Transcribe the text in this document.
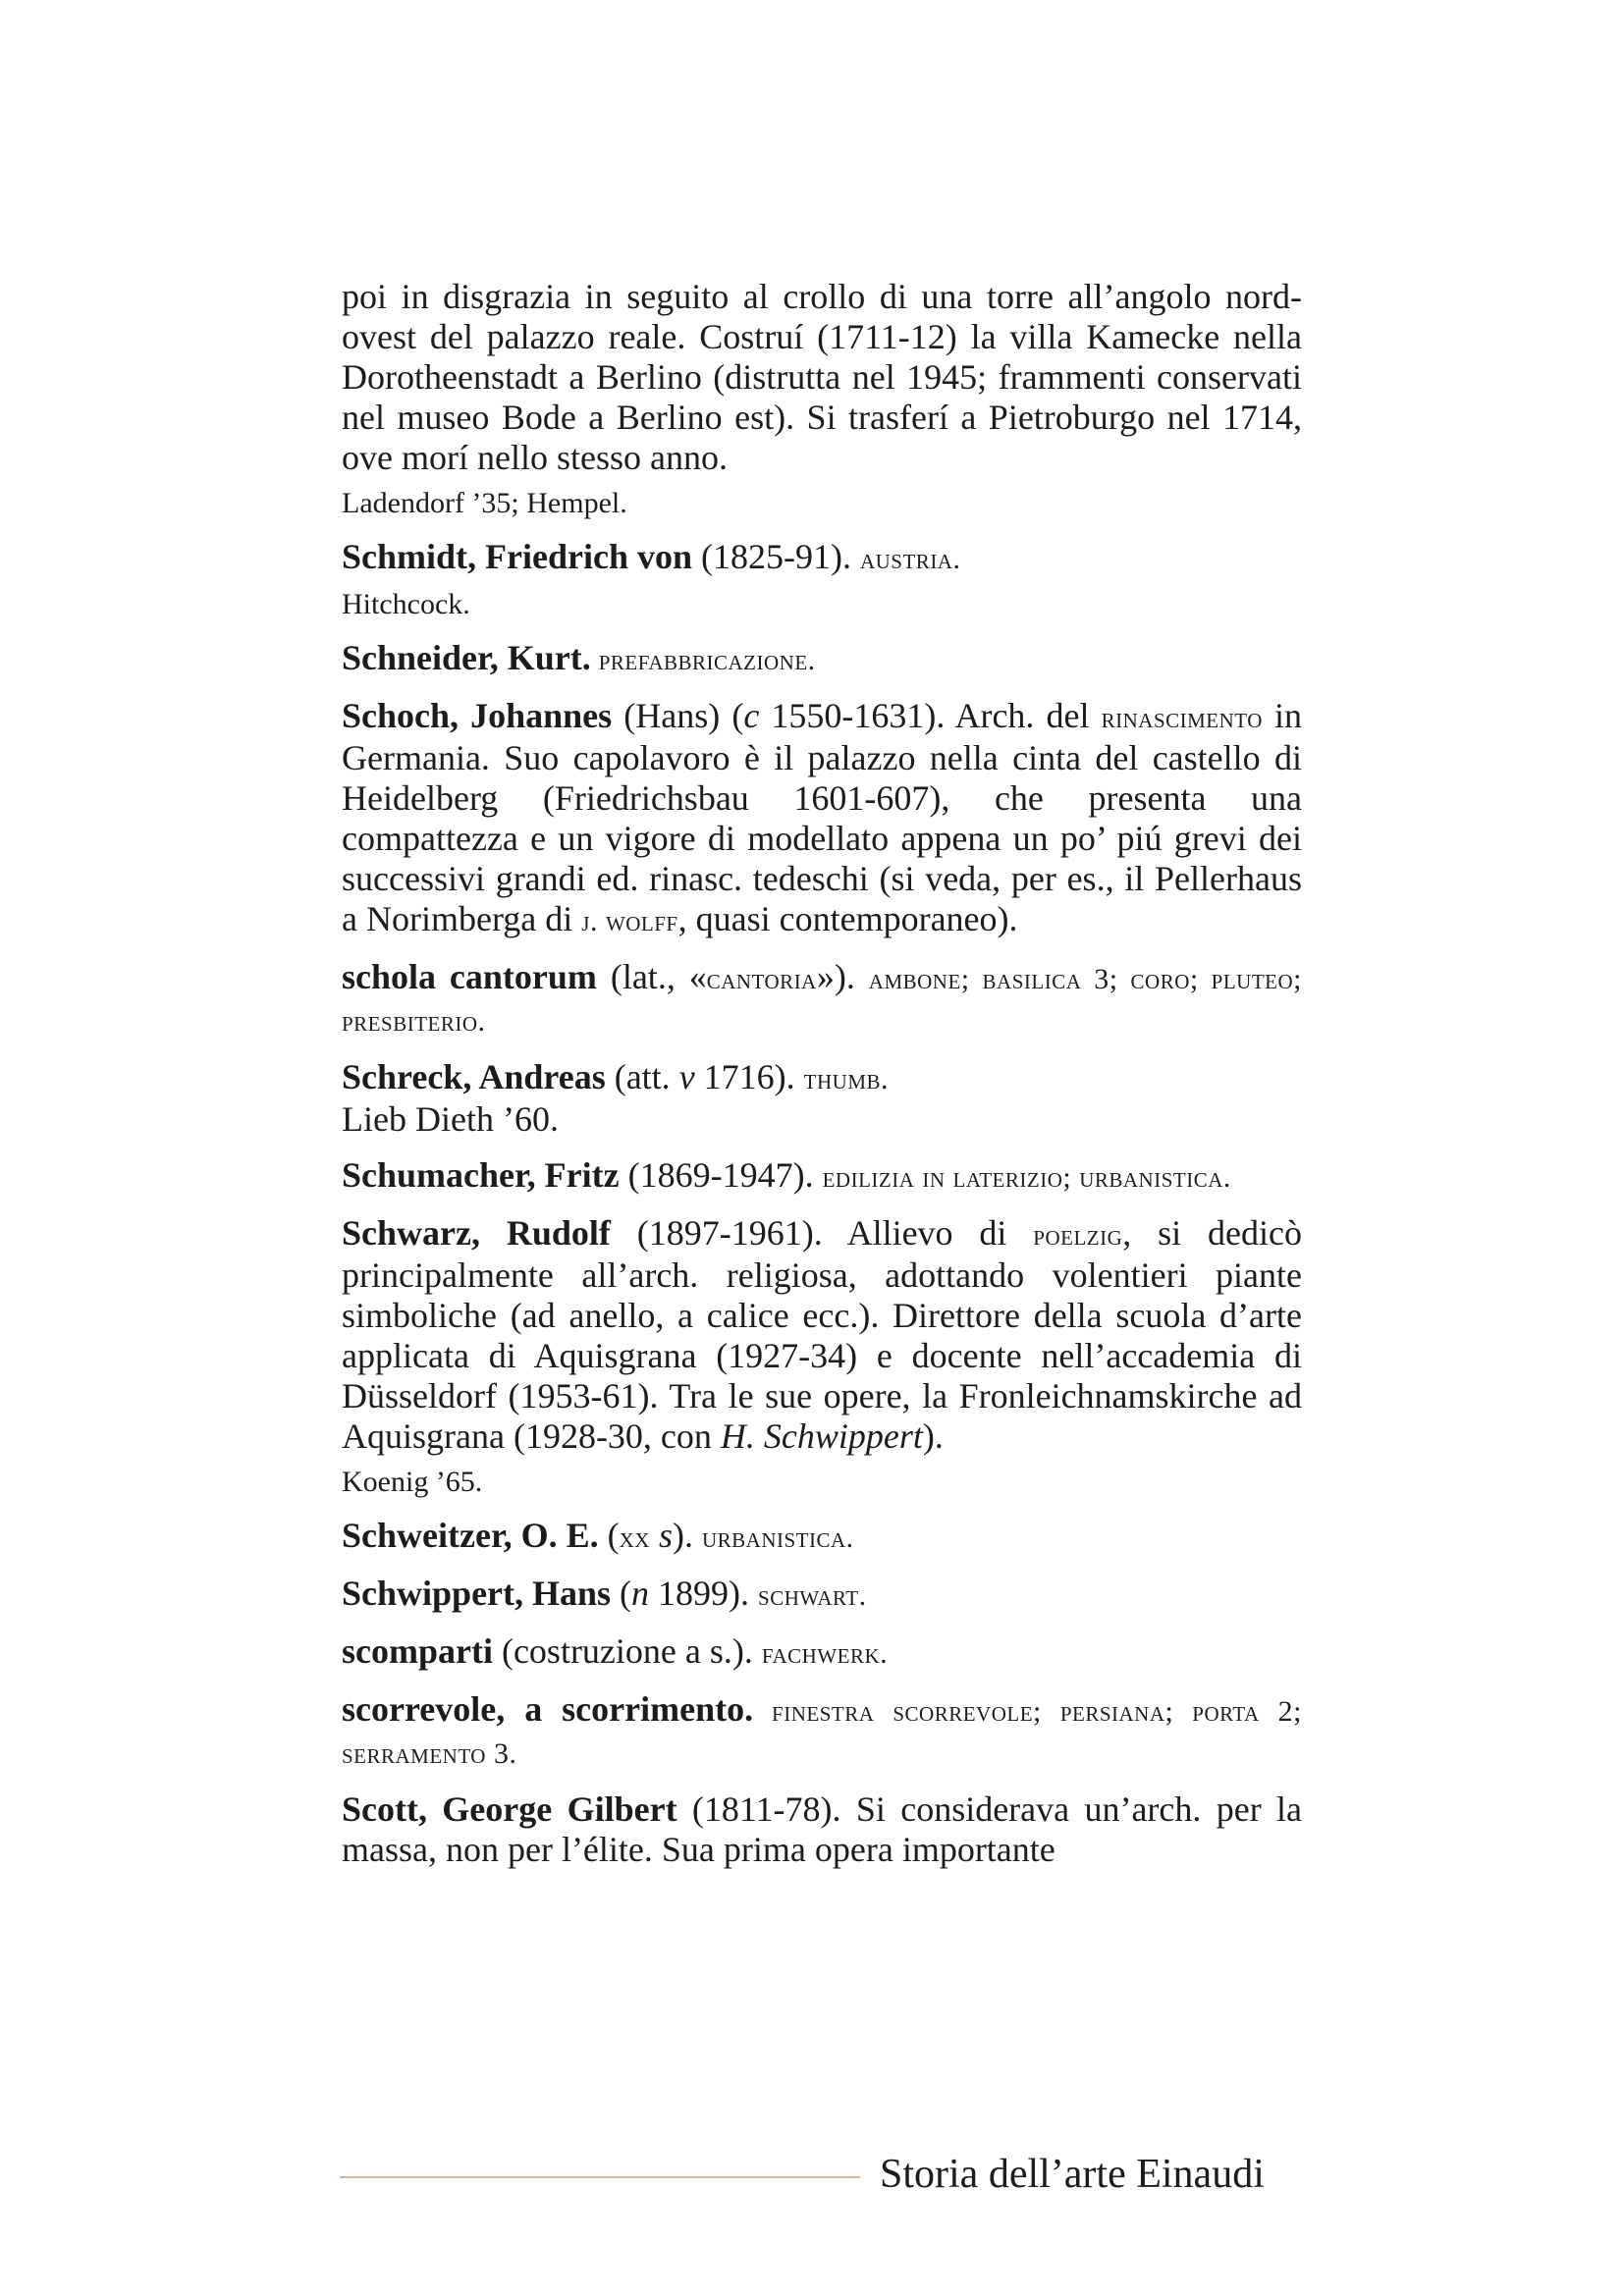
poi in disgrazia in seguito al crollo di una torre all’angolo nord-ovest del palazzo reale. Costruí (1711-12) la villa Kamecke nella Dorotheenstadt a Berlino (distrutta nel 1945; frammenti conservati nel museo Bode a Berlino est). Si trasferí a Pietroburgo nel 1714, ove morí nello stesso anno.

Ladendorf ’35; Hempel.

Schmidt, Friedrich von (1825-91). austria.

Hitchcock.

Schneider, Kurt. prefabbricazione.

Schoch, Johannes (Hans) (c 1550-1631). Arch. del rinascimento in Germania. Suo capolavoro è il palazzo nella cinta del castello di Heidelberg (Friedrichsbau 1601-607), che presenta una compattezza e un vigore di modellato appena un po’ piú grevi dei successivi grandi ed. rinasc. tedeschi (si veda, per es., il Pellerhaus a Norimberga di j. wolff, quasi contemporaneo).

schola cantorum (lat., «cantoria»). ambone; basilica 3; coro; pluteo; presbiterio.

Schreck, Andreas (att. v 1716). thumb.
Lieb Dieth ’60.

Schumacher, Fritz (1869-1947). edilizia in laterizio; urbanistica.

Schwarz, Rudolf (1897-1961). Allievo di poelzig, si dedicò principalmente all’arch. religiosa, adottando volentieri piante simboliche (ad anello, a calice ecc.). Direttore della scuola d’arte applicata di Aquisgrana (1927-34) e docente nell’accademia di Düsseldorf (1953-61). Tra le sue opere, la Fronleichnamskirche ad Aquisgrana (1928-30, con H. Schwippert).

Koenig ’65.

Schweitzer, O. E. (xx s). urbanistica.

Schwippert, Hans (n 1899). schwart.

scomparti (costruzione a s.). fachwerk.

scorrevole, a scorrimento. finestra scorrevole; persiana; porta 2; serramento 3.

Scott, George Gilbert (1811-78). Si considerava un’arch. per la massa, non per l’élite. Sua prima opera importante

Storia dell’arte Einaudi
